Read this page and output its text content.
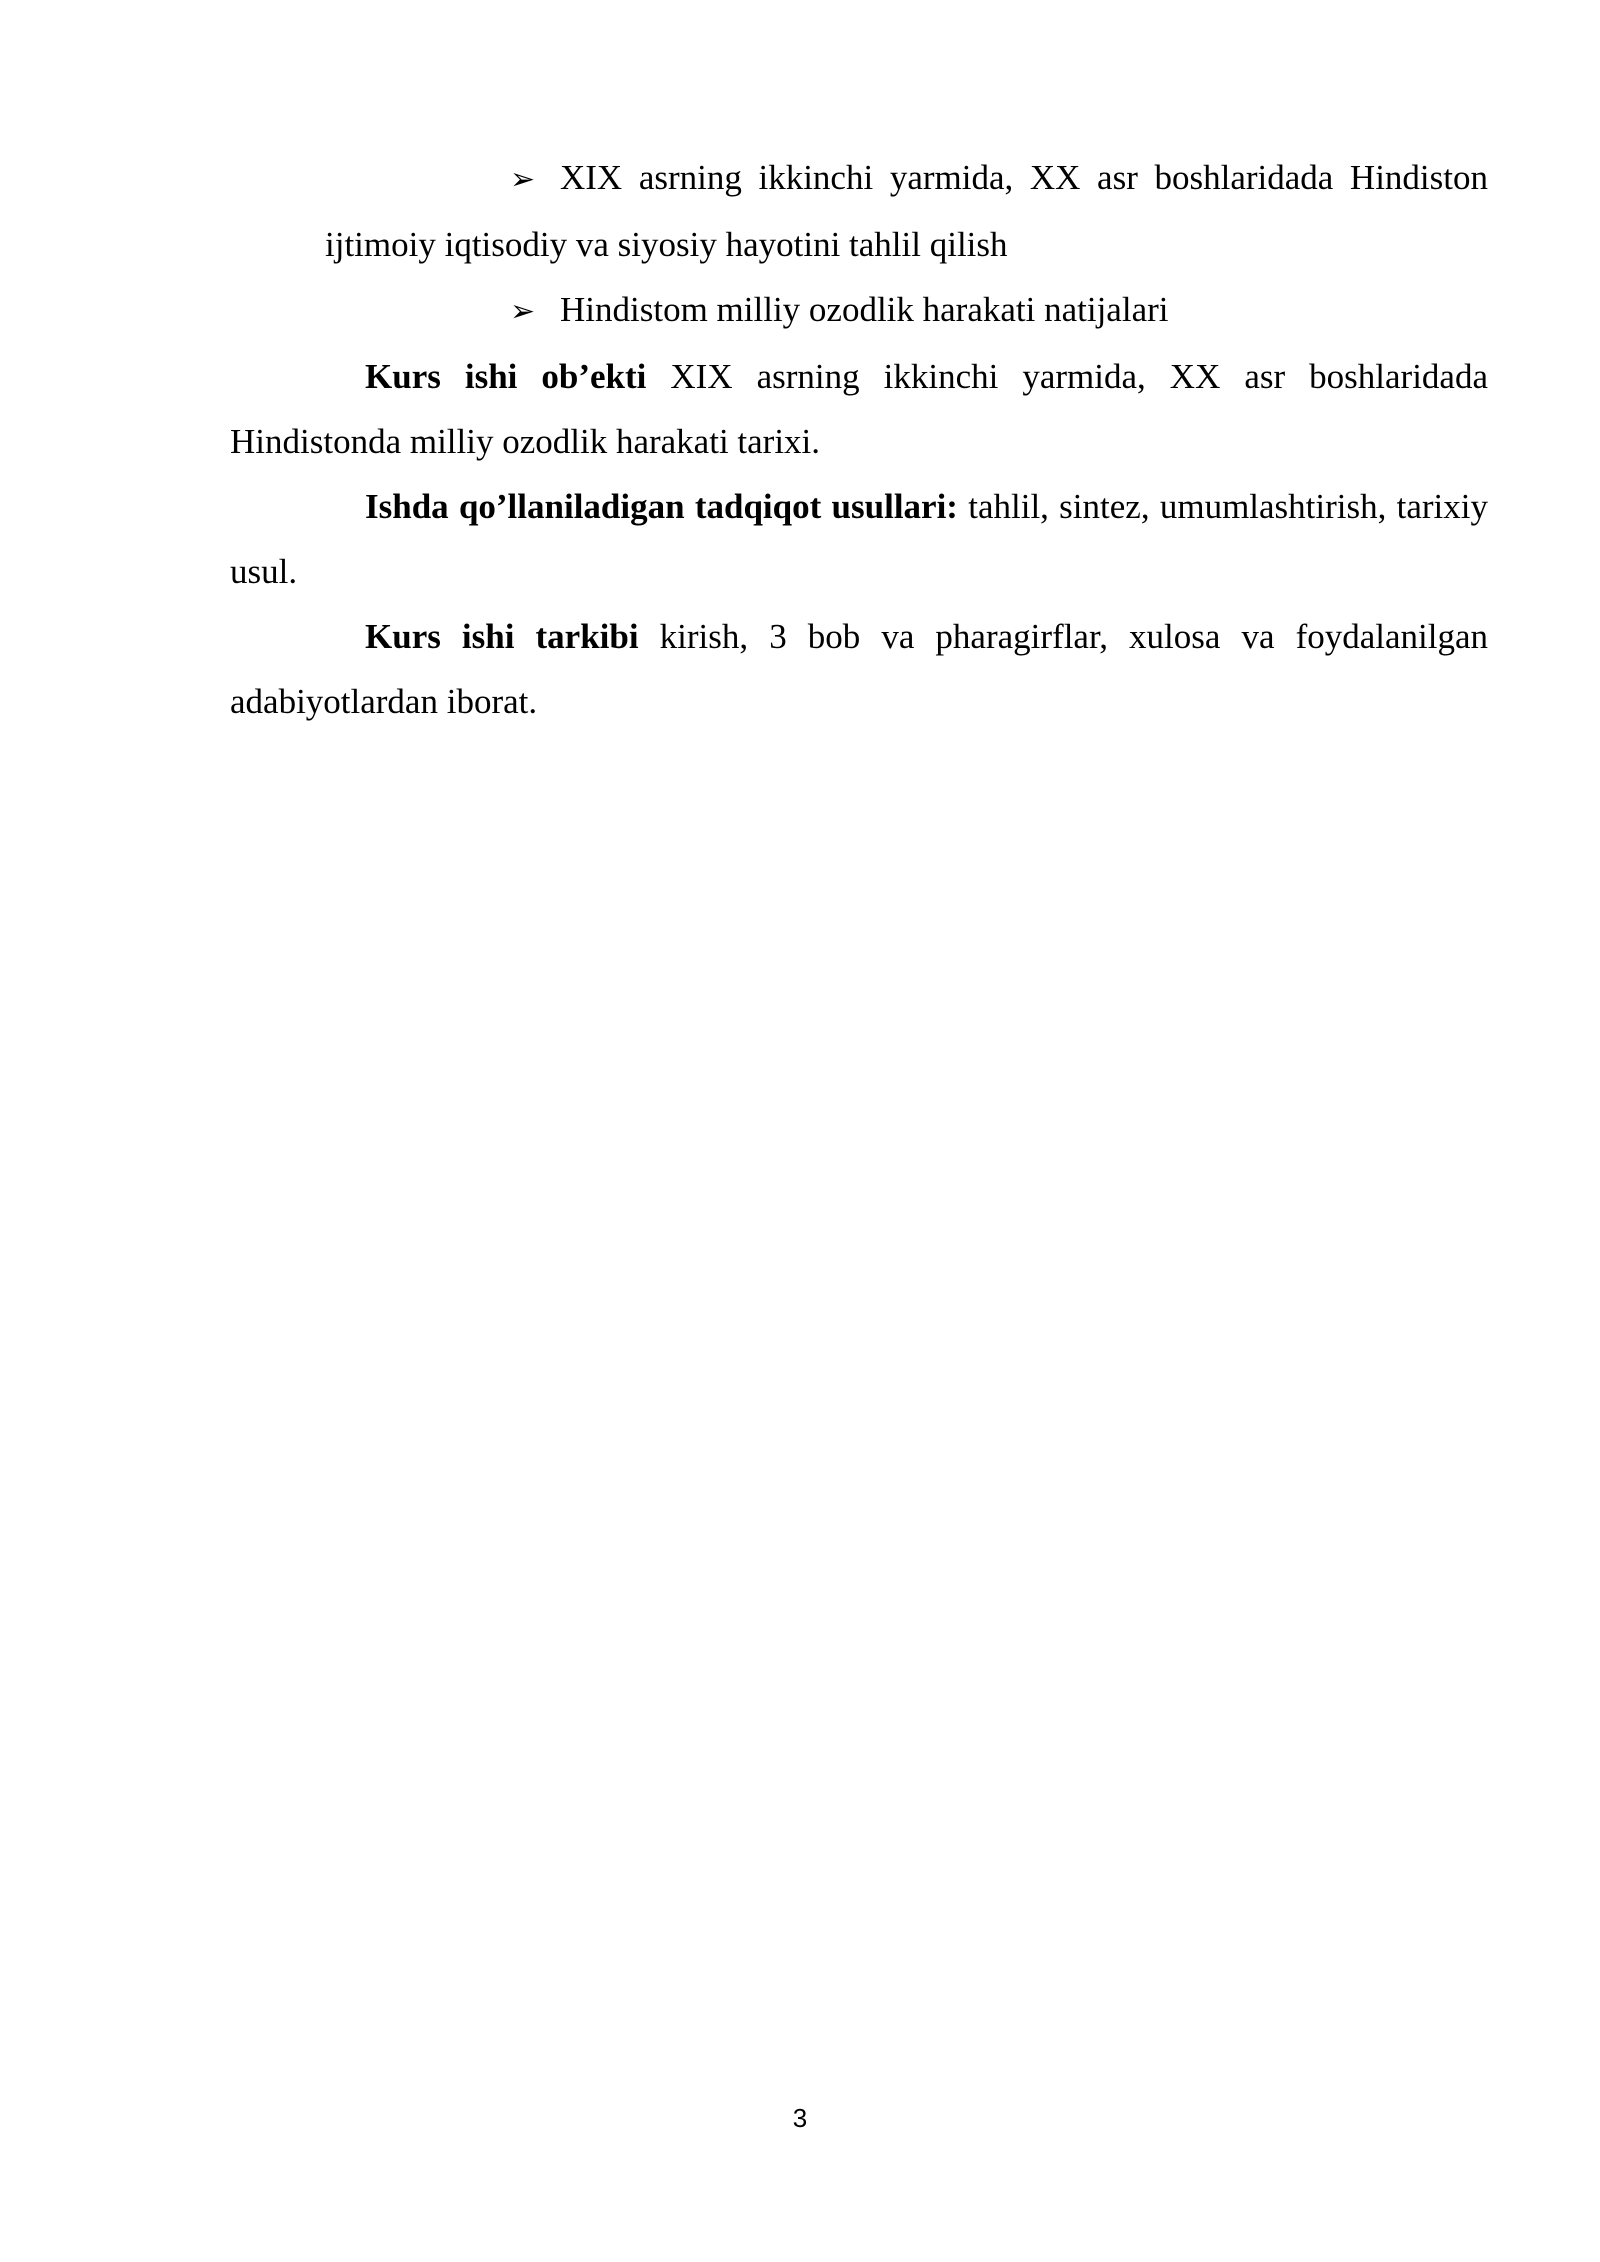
➢ XIX asrning ikkinchi yarmida, XX asr boshlaridada Hindiston
ijtimoiy iqtisodiy va siyosiy hayotini tahlil qilish
➢ Hindistom milliy ozodlik harakati natijalari

Kurs ishi ob’ekti XIX asrning ikkinchi yarmida, XX asr boshlaridada Hindistonda milliy ozodlik harakati tarixi.

Ishda qo’llaniladigan tadqiqot usullari: tahlil, sintez, umumlashtirish, tarixiy usul.

Kurs ishi tarkibi kirish, 3 bob va pharagirflar, xulosa va foydalanilgan adabiyotlardan iborat.

3
